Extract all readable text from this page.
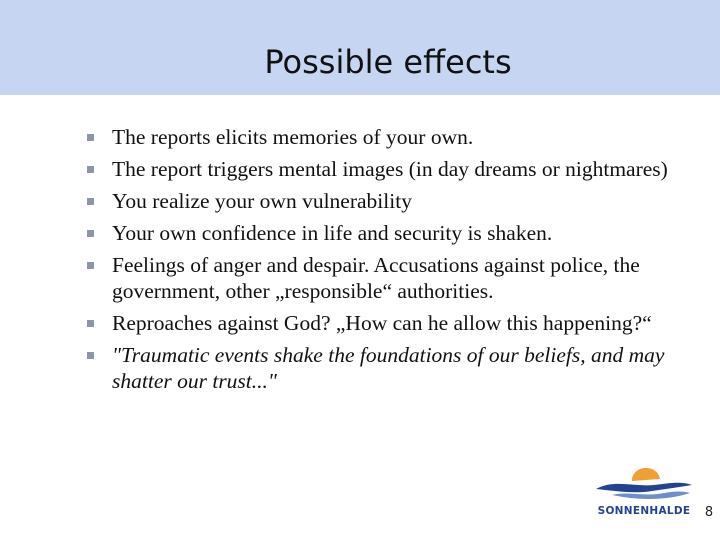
Possible effects
The reports elicits memories of your own.
The report triggers mental images (in day dreams or nightmares)
You realize your own vulnerability
Your own confidence in life and security is shaken.
Feelings of anger and despair. Accusations against police, the government, other „responsible“ authorities.
Reproaches against God? „How can he allow this happening?“
"Traumatic events shake the foundations of our beliefs, and may shatter our trust..."
SONNENHALDE	8
